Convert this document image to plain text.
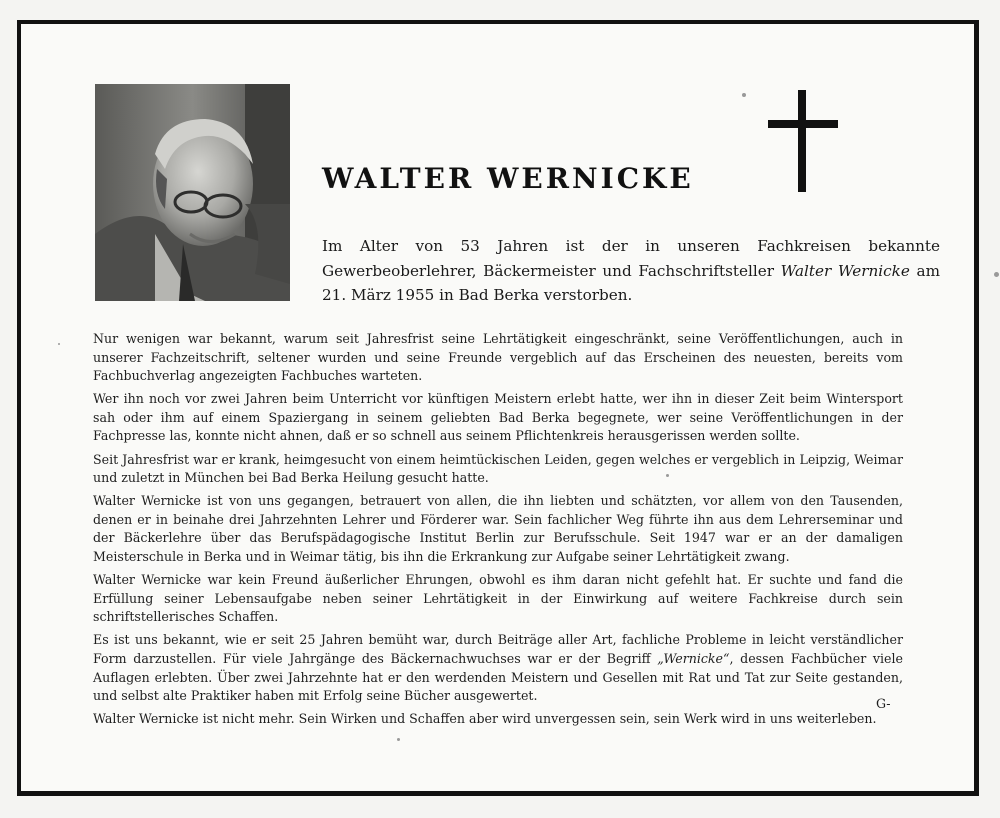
WALTER WERNICKE

Im Alter von 53 Jahren ist der in unseren Fachkreisen bekannte Gewerbeoberlehrer, Bäckermeister und Fachschriftsteller Walter Wernicke am 21. März 1955 in Bad Berka verstorben.

Nur wenigen war bekannt, warum seit Jahresfrist seine Lehrtätigkeit eingeschränkt, seine Veröffentlichungen, auch in unserer Fachzeitschrift, seltener wurden und seine Freunde vergeblich auf das Erscheinen des neuesten, bereits vom Fachbuchverlag angezeigten Fachbuches warteten.

Wer ihn noch vor zwei Jahren beim Unterricht vor künftigen Meistern erlebt hatte, wer ihn in dieser Zeit beim Wintersport sah oder ihm auf einem Spaziergang in seinem geliebten Bad Berka begegnete, wer seine Veröffentlichungen in der Fachpresse las, konnte nicht ahnen, daß er so schnell aus seinem Pflichtenkreis herausgerissen werden sollte.

Seit Jahresfrist war er krank, heimgesucht von einem heimtückischen Leiden, gegen welches er vergeblich in Leipzig, Weimar und zuletzt in München bei Bad Berka Heilung gesucht hatte.

Walter Wernicke ist von uns gegangen, betrauert von allen, die ihn liebten und schätzten, vor allem von den Tausenden, denen er in beinahe drei Jahrzehnten Lehrer und Förderer war. Sein fachlicher Weg führte ihn aus dem Lehrerseminar und der Bäckerlehre über das Berufspädagogische Institut Berlin zur Berufsschule. Seit 1947 war er an der damaligen Meisterschule in Berka und in Weimar tätig, bis ihn die Erkrankung zur Aufgabe seiner Lehrtätigkeit zwang.

Walter Wernicke war kein Freund äußerlicher Ehrungen, obwohl es ihm daran nicht gefehlt hat. Er suchte und fand die Erfüllung seiner Lebensaufgabe neben seiner Lehrtätigkeit in der Einwirkung auf weitere Fachkreise durch sein schriftstellerisches Schaffen.

Es ist uns bekannt, wie er seit 25 Jahren bemüht war, durch Beiträge aller Art, fachliche Probleme in leicht verständlicher Form darzustellen. Für viele Jahrgänge des Bäckernachwuchses war er der Begriff „Wernicke“, dessen Fachbücher viele Auflagen erlebten. Über zwei Jahrzehnte hat er den werdenden Meistern und Gesellen mit Rat und Tat zur Seite gestanden, und selbst alte Praktiker haben mit Erfolg seine Bücher ausgewertet.

Walter Wernicke ist nicht mehr. Sein Wirken und Schaffen aber wird unvergessen sein, sein Werk wird in uns weiterleben.

G-
